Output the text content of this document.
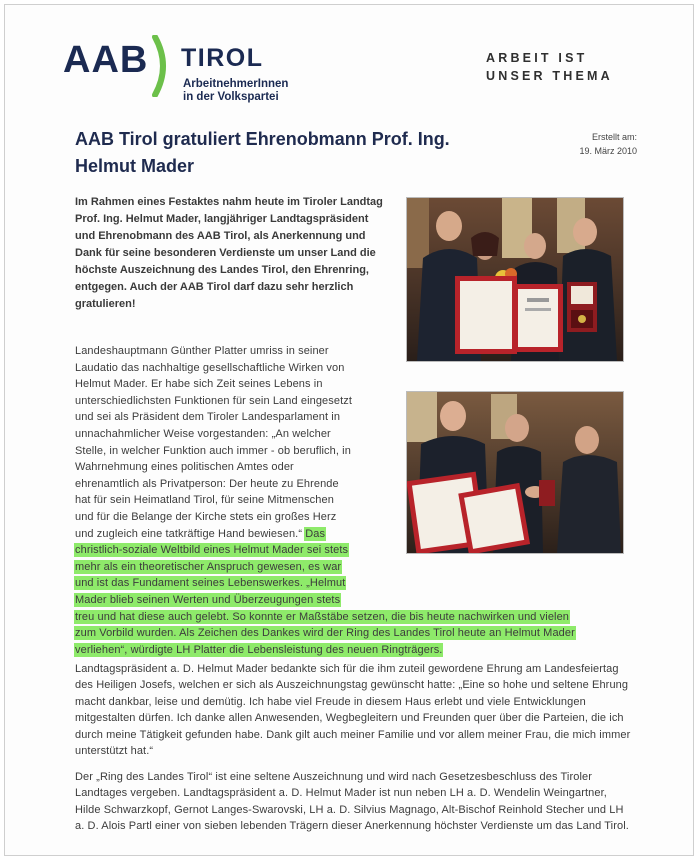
AAB TIROL
ArbeitnehmerInnen
in der Volkspartei
ARBEIT IST
UNSER THEMA
AAB Tirol gratuliert Ehrenobmann Prof. Ing.
Helmut Mader
Erstellt am:
19. März 2010
Im Rahmen eines Festaktes nahm heute im Tiroler Landtag Prof. Ing. Helmut Mader, langjähriger Landtagspräsident und Ehrenobmann des AAB Tirol, als Anerkennung und Dank für seine besonderen Verdienste um unser Land die höchste Auszeichnung des Landes Tirol, den Ehrenring, entgegen. Auch der AAB Tirol darf dazu sehr herzlich gratulieren!
Landeshauptmann Günther Platter umriss in seiner
Laudatio das nachhaltige gesellschaftliche Wirken von
Helmut Mader. Er habe sich Zeit seines Lebens in
unterschiedlichsten Funktionen für sein Land eingesetzt
und sei als Präsident dem Tiroler Landesparlament in
unnachahmlicher Weise vorgestanden: „An welcher
Stelle, in welcher Funktion auch immer - ob beruflich, in
Wahrnehmung eines politischen Amtes oder
ehrenamtlich als Privatperson: Der heute zu Ehrende
hat für sein Heimatland Tirol, für seine Mitmenschen
und für die Belange der Kirche stets ein großes Herz
und zugleich eine tatkräftige Hand bewiesen.“ Das
christlich-soziale Weltbild eines Helmut Mader sei stets
mehr als ein theoretischer Anspruch gewesen, es war
und ist das Fundament seines Lebenswerkes. „Helmut
Mader blieb seinen Werten und Überzeugungen stets
treu und hat diese auch gelebt. So konnte er Maßstäbe setzen, die bis heute nachwirken und vielen
zum Vorbild wurden. Als Zeichen des Dankes wird der Ring des Landes Tirol heute an Helmut Mader
verliehen“, würdigte LH Platter die Lebensleistung des neuen Ringträgers.
Landtagspräsident a. D. Helmut Mader bedankte sich für die ihm zuteil gewordene Ehrung am Landesfeiertag des Heiligen Josefs, welchen er sich als Auszeichnungstag gewünscht hatte: „Eine so hohe und seltene Ehrung macht dankbar, leise und demütig. Ich habe viel Freude in diesem Haus erlebt und viele Entwicklungen mitgestalten dürfen. Ich danke allen Anwesenden, Wegbegleitern und Freunden quer über die Parteien, die ich durch meine Tätigkeit gefunden habe. Dank gilt auch meiner Familie und vor allem meiner Frau, die mich immer unterstützt hat.“
Der „Ring des Landes Tirol“ ist eine seltene Auszeichnung und wird nach Gesetzesbeschluss des Tiroler Landtages vergeben. Landtagspräsident a. D. Helmut Mader ist nun neben LH a. D. Wendelin Weingartner, Hilde Schwarzkopf, Gernot Langes-Swarovski, LH a. D. Silvius Magnago, Alt-Bischof Reinhold Stecher und LH a. D. Alois Partl einer von sieben lebenden Trägern dieser Anerkennung höchster Verdienste um das Land Tirol.
